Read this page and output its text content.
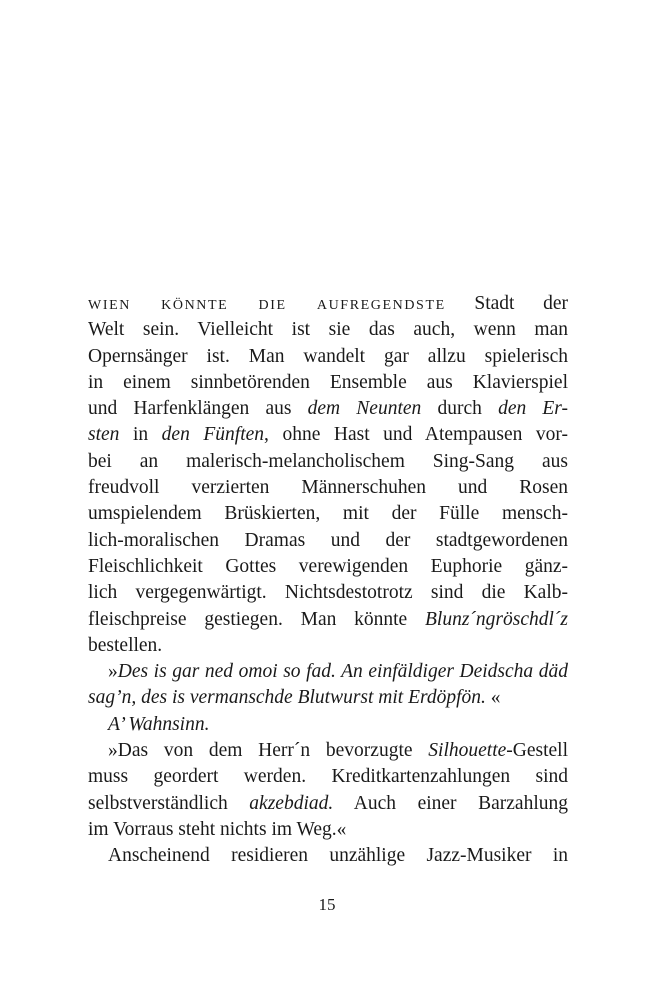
wien könnte die aufregendste Stadt der
Welt sein. Vielleicht ist sie das auch, wenn man
Opernsänger ist. Man wandelt gar allzu spielerisch
in einem sinnbetörenden Ensemble aus Klavierspiel
und Harfenklängen aus dem Neunten durch den Er-
sten in den Fünften, ohne Hast und Atempausen vor-
bei an malerisch-melancholischem Sing-Sang aus
freudvoll verzierten Männerschuhen und Rosen
umspielendem Brüskierten, mit der Fülle mensch-
lich-moralischen Dramas und der stadtgewordenen
Fleischlichkeit Gottes verewigenden Euphorie gänz-
lich vergegenwärtigt. Nichtsdestotrotz sind die Kalb-
fleischpreise gestiegen. Man könnte Blunz´ngröschdl´z
bestellen.
»Des is gar ned omoi so fad. An einfäldiger Deidscha däd
sag’n, des is vermanschde Blutwurst mit Erdöpfön. «
A’ Wahnsinn.
»Das von dem Herr´n bevorzugte Silhouette-Gestell
muss geordert werden. Kreditkartenzahlungen sind
selbstverständlich akzebdiad. Auch einer Barzahlung
im Vorraus steht nichts im Weg.«
Anscheinend residieren unzählige Jazz-Musiker in
15
